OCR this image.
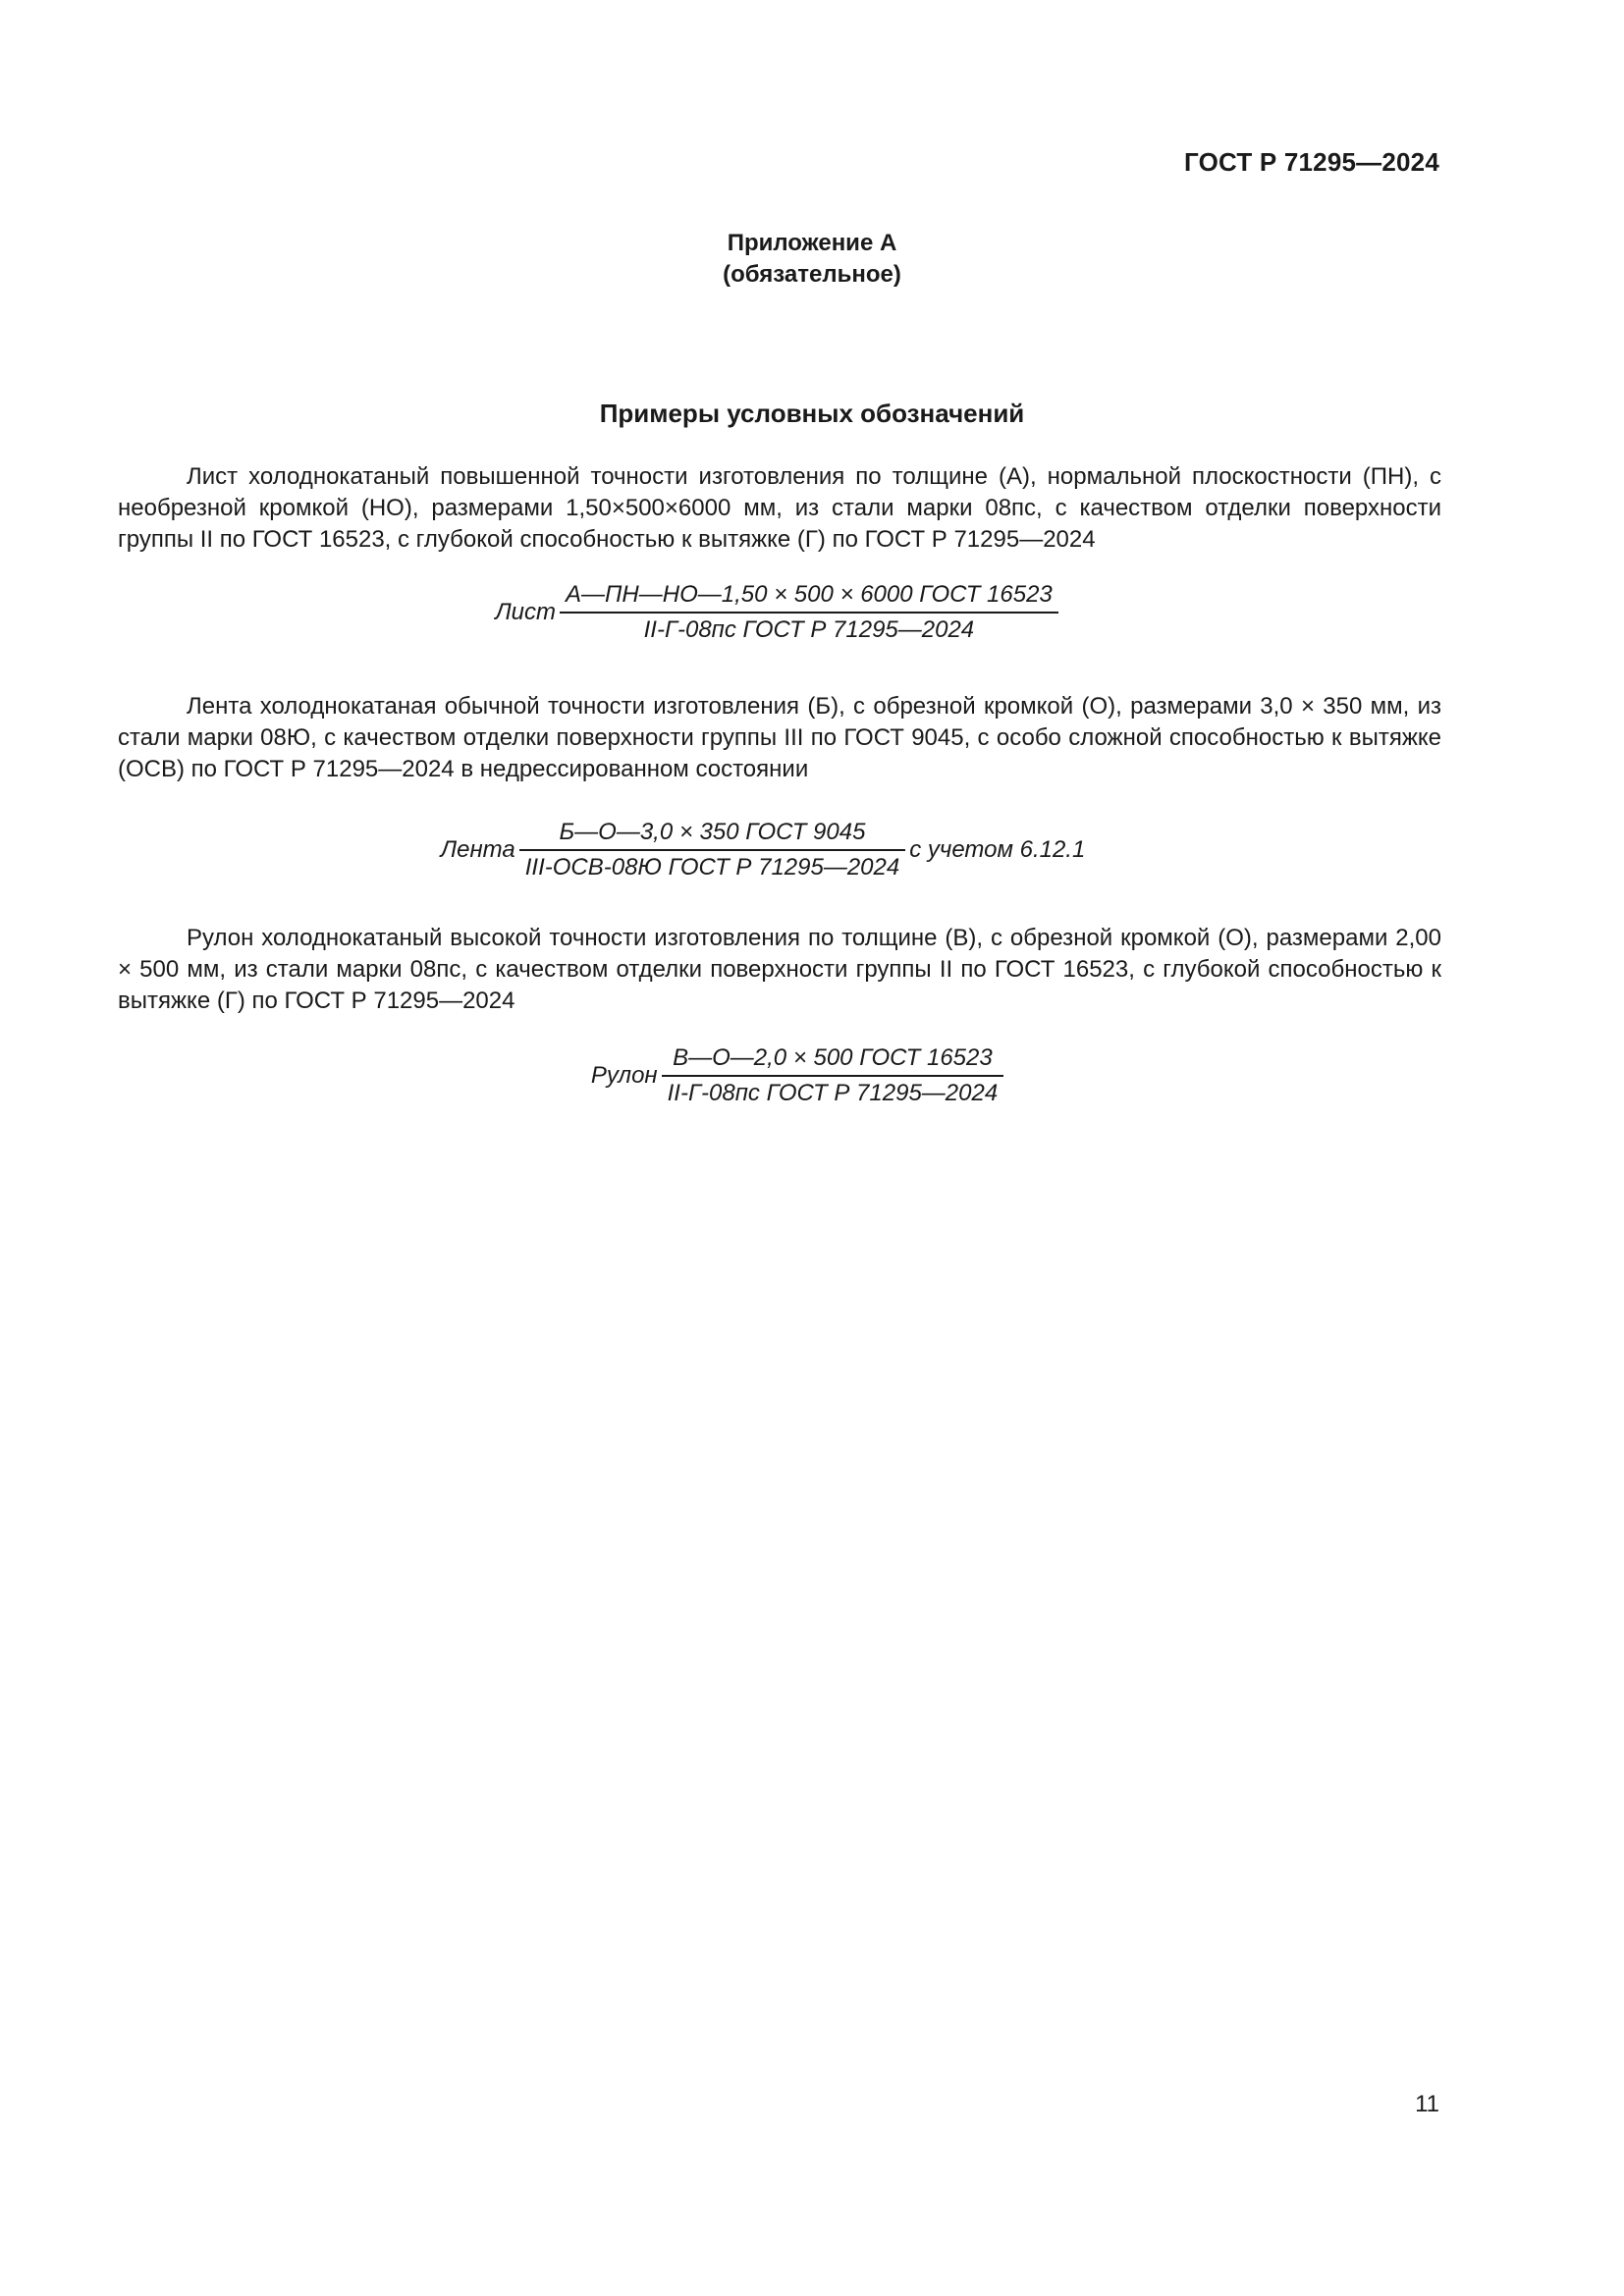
ГОСТ Р 71295—2024
Приложение А
(обязательное)
Примеры условных обозначений

Лист холоднокатаный повышенной точности изготовления по толщине (А), нормальной плоскостности (ПН), с необрезной кромкой (НО), размерами 1,50×500×6000 мм, из стали марки 08пс, с качеством отделки поверхности группы II по ГОСТ 16523, с глубокой способностью к вытяжке (Г) по ГОСТ Р 71295—2024

Лист $\frac{\text{А—ПН—НО—1,50 × 500 × 6000 ГОСТ 16523}}{\text{II-Г-08пс ГОСТ Р 71295—2024}}$

Лента холоднокатаная обычной точности изготовления (Б), с обрезной кромкой (О), размерами 3,0 × 350 мм, из стали марки 08Ю, с качеством отделки поверхности группы III по ГОСТ 9045, с особо сложной способностью к вытяжке (ОСВ) по ГОСТ Р 71295—2024 в недрессированном состоянии

Лента $\frac{\text{Б—О—3,0 × 350 ГОСТ 9045}}{\text{III-ОСВ-08Ю ГОСТ Р 71295—2024}}$ с учетом 6.12.1

Рулон холоднокатаный высокой точности изготовления по толщине (В), с обрезной кромкой (О), размерами 2,00 × 500 мм, из стали марки 08пс, с качеством отделки поверхности группы II по ГОСТ 16523, с глубокой способностью к вытяжке (Г) по ГОСТ Р 71295—2024

Рулон $\frac{\text{В—О—2,0 × 500 ГОСТ 16523}}{\text{II-Г-08пс ГОСТ Р 71295—2024}}$
11
